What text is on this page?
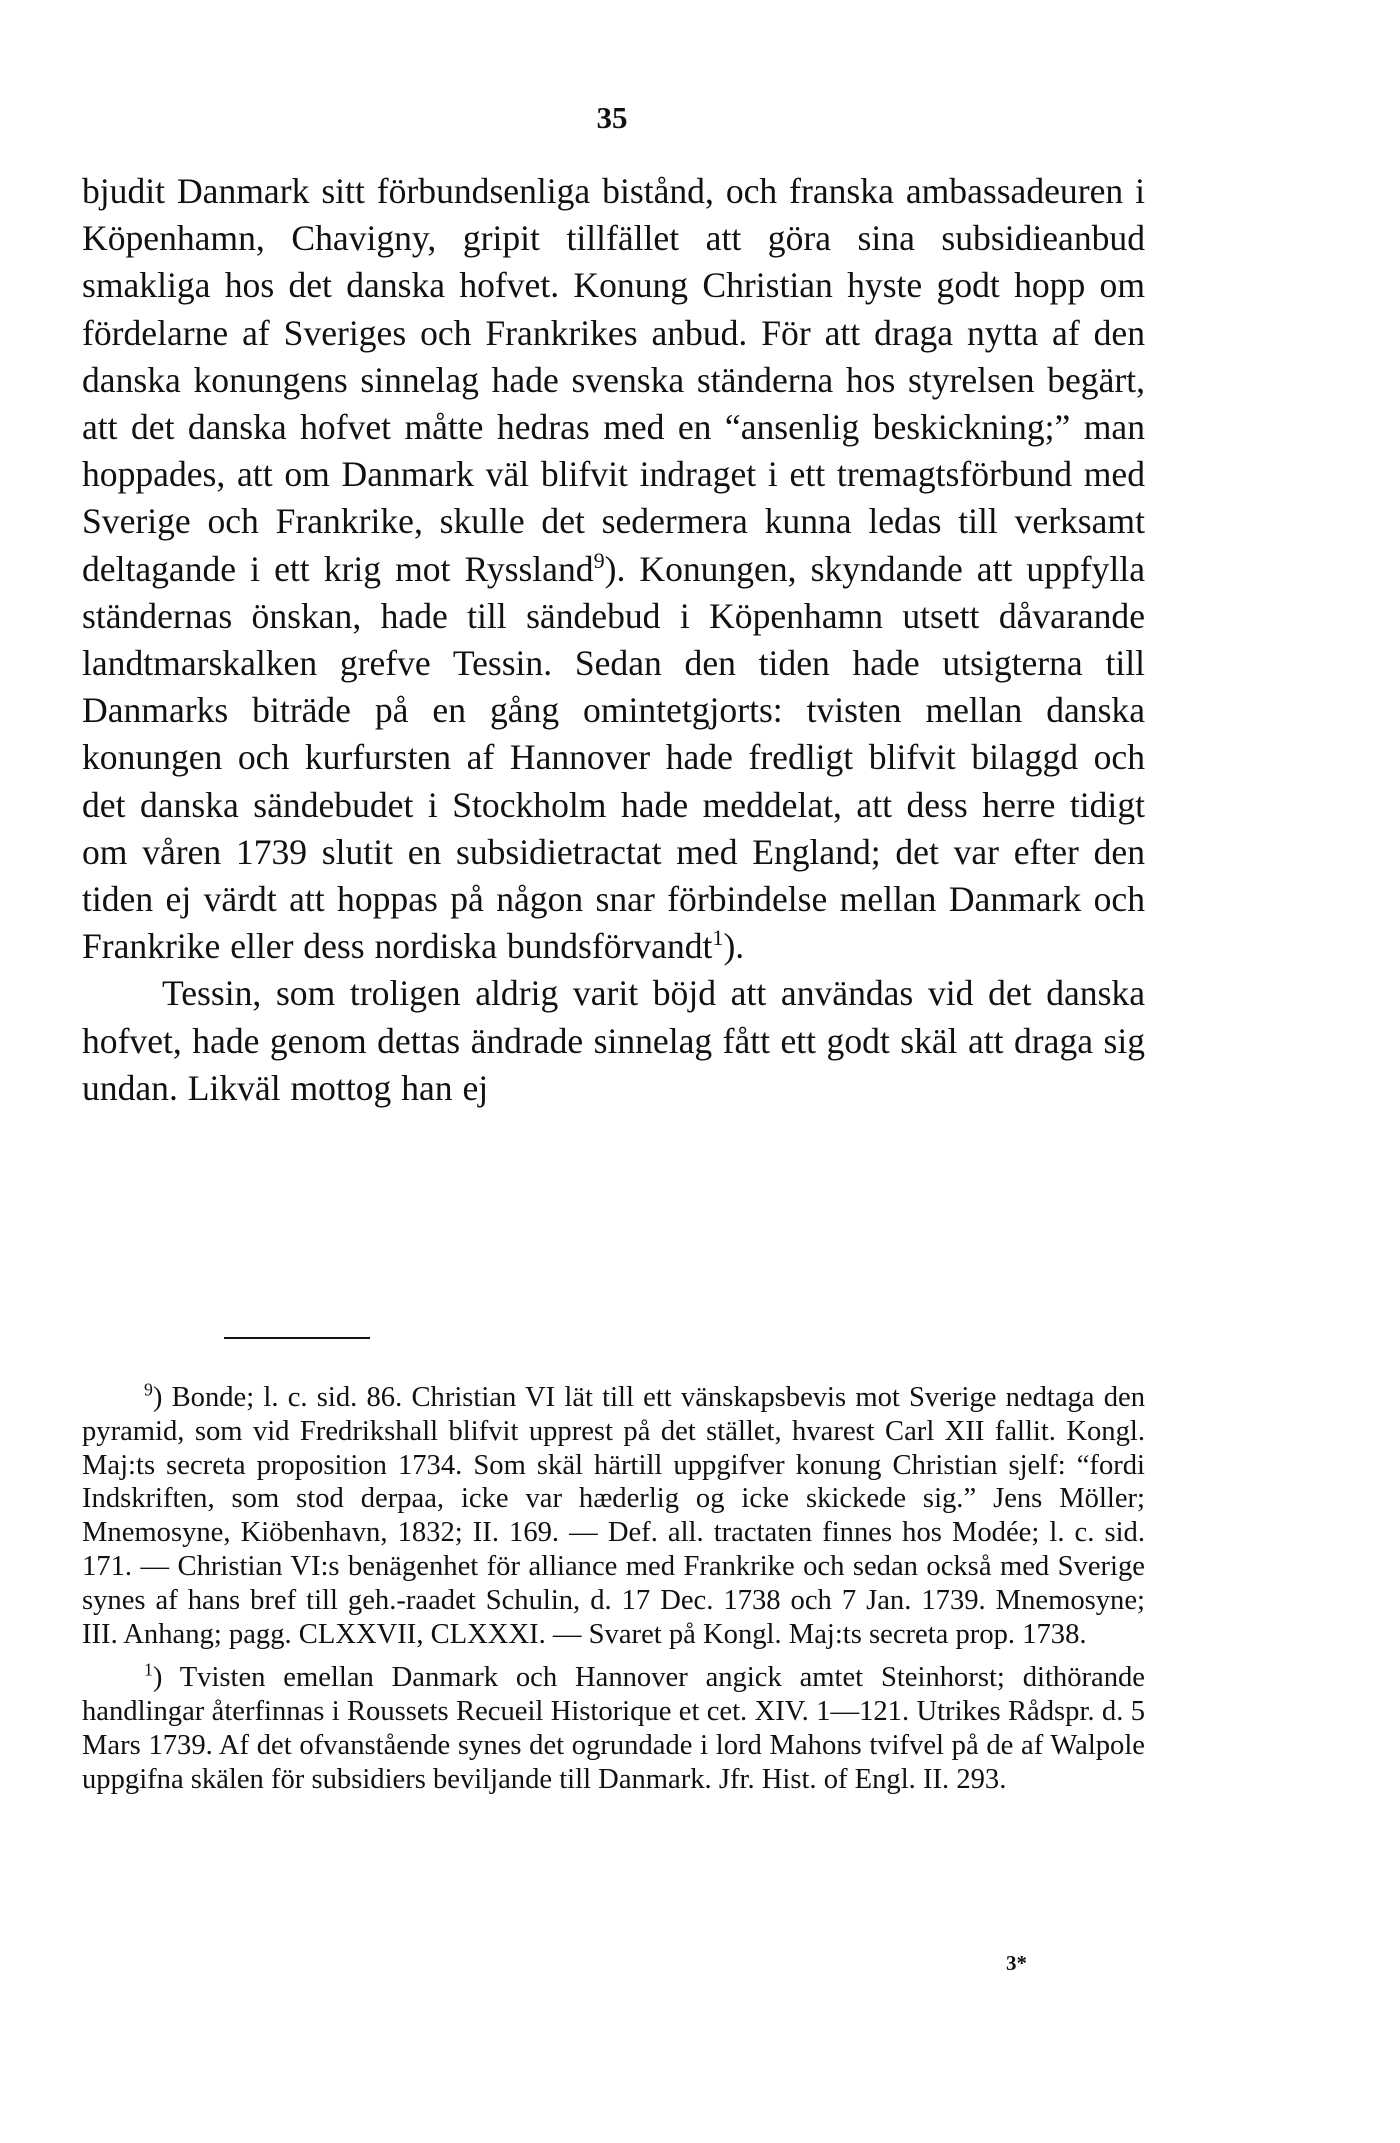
35

bjudit Danmark sitt förbundsenliga bistånd, och franska ambassadeuren i Köpenhamn, Chavigny, gripit tillfället att göra sina subsidieanbud smakliga hos det danska hofvet. Konung Christian hyste godt hopp om fördelarne af Sveriges och Frankrikes anbud. För att draga nytta af den danska konungens sinnelag hade svenska ständerna hos styrelsen begärt, att det danska hofvet måtte hedras med en “ansenlig beskickning;” man hoppades, att om Danmark väl blifvit indraget i ett tremagtsförbund med Sverige och Frankrike, skulle det sedermera kunna ledas till verksamt deltagande i ett krig mot Ryssland$^9$). Konungen, skyndande att uppfylla ständernas önskan, hade till sändebud i Köpenhamn utsett dåvarande landtmarskalken grefve Tessin. Sedan den tiden hade utsigterna till Danmarks biträde på en gång omintetgjorts: tvisten mellan danska konungen och kurfursten af Hannover hade fredligt blifvit bilaggd och det danska sändebudet i Stockholm hade meddelat, att dess herre tidigt om våren 1739 slutit en subsidietractat med England; det var efter den tiden ej värdt att hoppas på någon snar förbindelse mellan Danmark och Frankrike eller dess nordiska bundsförvandt$^1$).

Tessin, som troligen aldrig varit böjd att användas vid det danska hofvet, hade genom dettas ändrade sinnelag fått ett godt skäl att draga sig undan. Likväl mottog han ej

$^9$) Bonde; l. c. sid. 86. Christian VI lät till ett vänskapsbevis mot Sverige nedtaga den pyramid, som vid Fredrikshall blifvit upprest på det stället, hvarest Carl XII fallit. Kongl. Maj:ts secreta proposition 1734. Som skäl härtill uppgifver konung Christian sjelf: “fordi Indskriften, som stod derpaa, icke var hæderlig og icke skickede sig.” Jens Möller; Mnemosyne, Kiöbenhavn, 1832; II. 169. — Def. all. tractaten finnes hos Modée; l. c. sid. 171. — Christian VI:s benägenhet för alliance med Frankrike och sedan också med Sverige synes af hans bref till geh.-raadet Schulin, d. 17 Dec. 1738 och 7 Jan. 1739. Mnemosyne; III. Anhang; pagg. CLXXVII, CLXXXI. — Svaret på Kongl. Maj:ts secreta prop. 1738.

$^1$) Tvisten emellan Danmark och Hannover angick amtet Steinhorst; dithörande handlingar återfinnas i Roussets Recueil Historique et cet. XIV. 1—121. Utrikes Rådspr. d. 5 Mars 1739. Af det ofvanstående synes det ogrundade i lord Mahons tvifvel på de af Walpole uppgifna skälen för subsidiers beviljande till Danmark. Jfr. Hist. of Engl. II. 293.

3*
